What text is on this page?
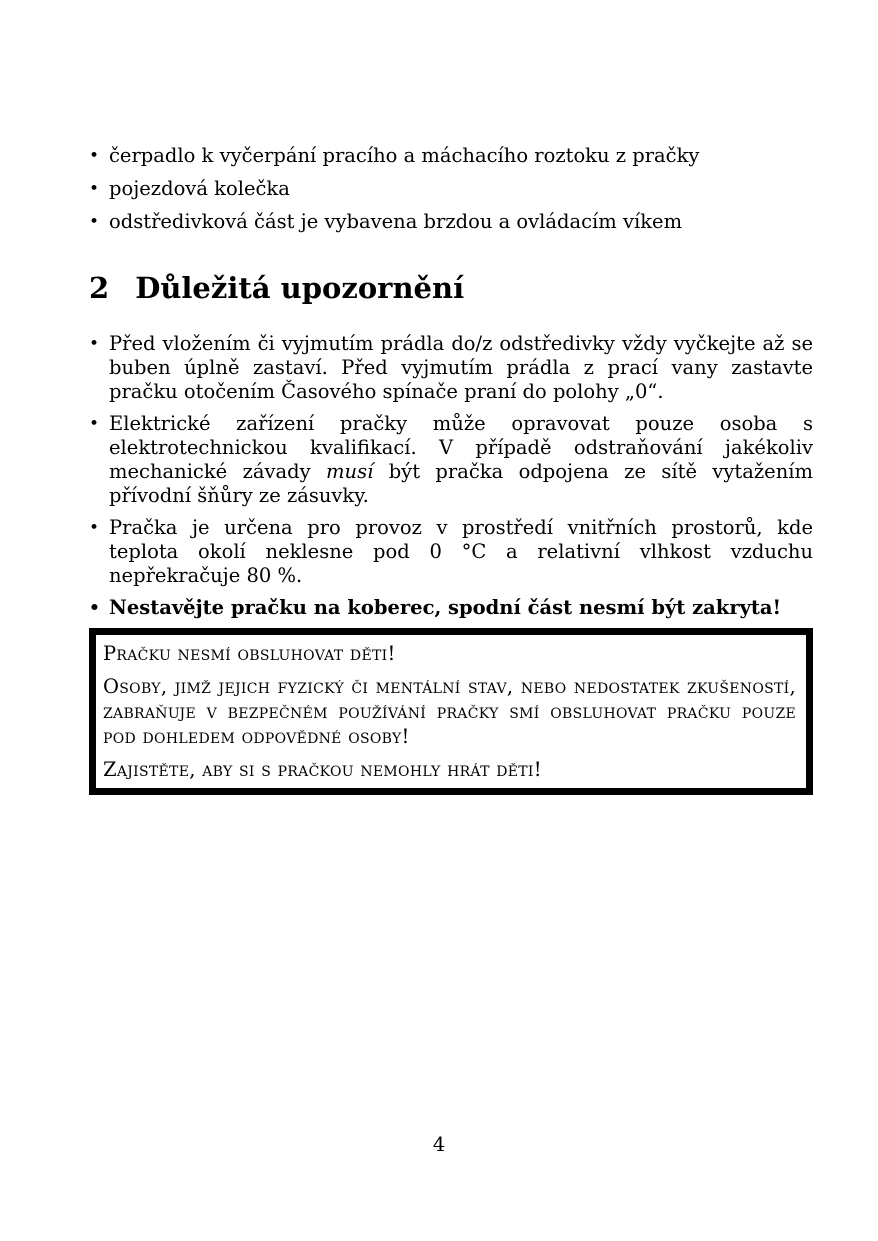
• čerpadlo k vyčerpání pracího a máchacího roztoku z pračky
• pojezdová kolečka
• odstředivková část je vybavena brzdou a ovládacím víkem
2 Důležitá upozornění
• Před vložením či vyjmutím prádla do/z odstředivky vždy vyčkejte až se buben úplně zastaví. Před vyjmutím prádla z prací vany zastavte pračku otočením Časového spínače praní do polohy „0“.
• Elektrické zařízení pračky může opravovat pouze osoba s elektrotechnickou kvalifikací. V případě odstraňování jakékoliv mechanické závady musí být pračka odpojena ze sítě vytažením přívodní šňůry ze zásuvky.
• Pračka je určena pro provoz v prostředí vnitřních prostorů, kde teplota okolí neklesne pod 0 °C a relativní vlhkost vzduchu nepřekračuje 80 %.
• Nestavějte pračku na koberec, spodní část nesmí být zakryta!

Pračku nesmí obsluhovat děti!

Osoby, jimž jejich fyzický či mentální stav, nebo nedostatek zkušeností, zabraňuje v bezpečném používání pračky smí obsluhovat pračku pouze pod dohledem odpovědné osoby!

Zajistěte, aby si s pračkou nemohly hrát děti!

4
